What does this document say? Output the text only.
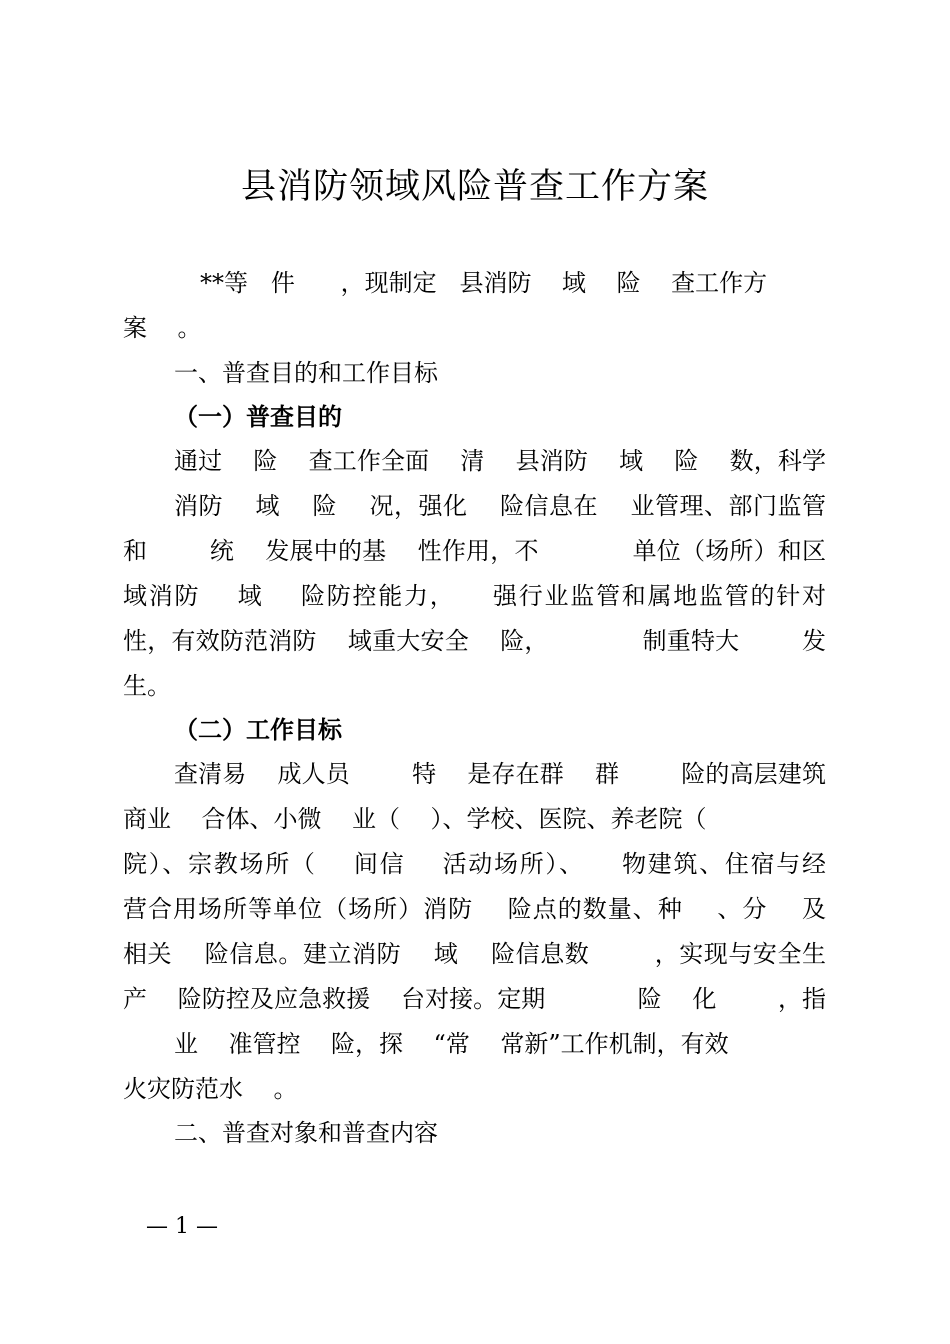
县消防领域风险普查工作方案
**等   件      ，现制定   县消防    域    险    查工作方
案    。
一、普查目的和工作目标
（一）普查目的
通过    险    查工作全面    清    县消防    域    险    数，科学
消防    域    险    况，强化    险信息在    业管理、部门监管
和        统    发展中的基    性作用，不            单位（场所）和区
域消防    域    险防控能力，    强行业监管和属地监管的针对
性，有效防范消防    域重大安全    险，            制重特大        发
生。
（二）工作目标
查清易    成人员        特    是存在群    群        险的高层建筑
商业    合体、小微    业（    ）、学校、医院、养老院（
院）、宗教场所（    间信    活动场所）、    物建筑、住宿与经
营合用场所等单位（场所）消防    险点的数量、种    、分    及
相关    险信息。建立消防    域    险信息数        ，实现与安全生
产    险防控及应急救援    台对接。定期            险    化        ，指
业    准管控    险，探    “常    常新”工作机制，有效
火灾防范水    。
二、普查对象和普查内容
— 1 —
